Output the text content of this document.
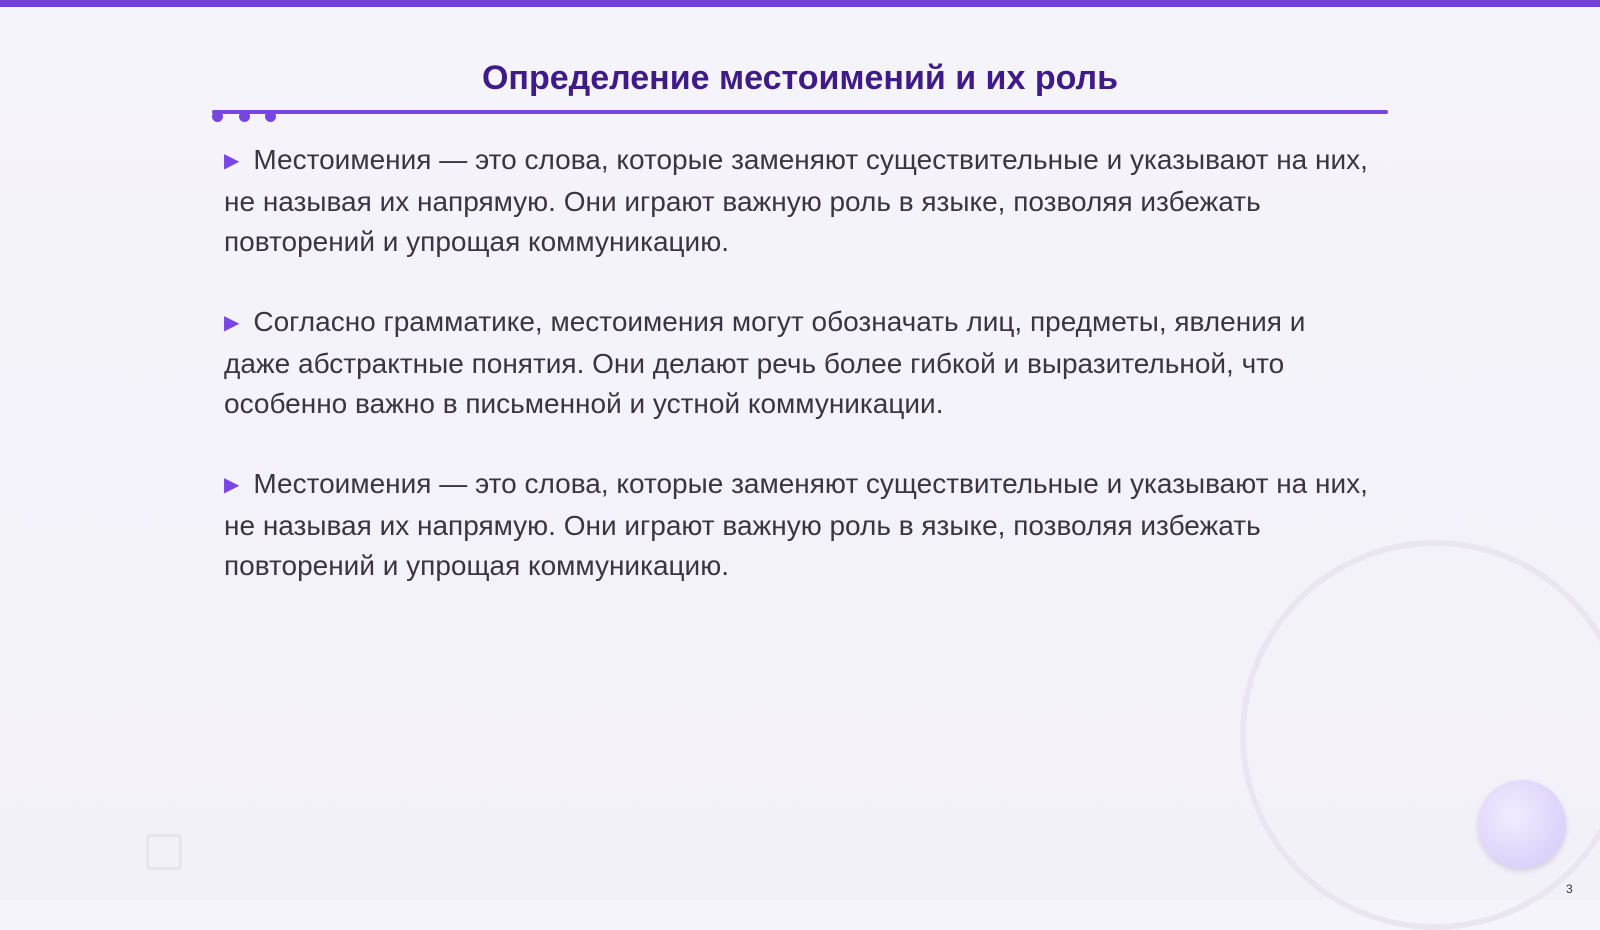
Определение местоимений и их роль
▶ Местоимения — это слова, которые заменяют существительные и указывают на них, не называя их напрямую. Они играют важную роль в языке, позволяя избежать повторений и упрощая коммуникацию.
▶ Согласно грамматике, местоимения могут обозначать лиц, предметы, явления и даже абстрактные понятия. Они делают речь более гибкой и выразительной, что особенно важно в письменной и устной коммуникации.
▶ Местоимения — это слова, которые заменяют существительные и указывают на них, не называя их напрямую. Они играют важную роль в языке, позволяя избежать повторений и упрощая коммуникацию.
3
